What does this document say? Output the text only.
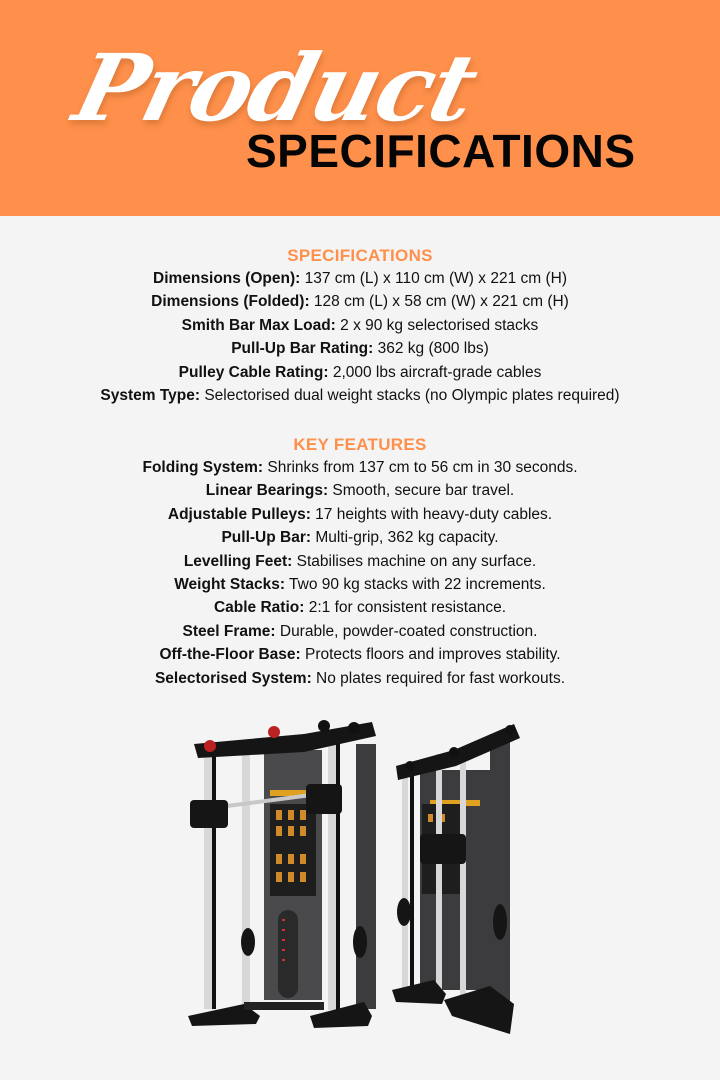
Product
SPECIFICATIONS
SPECIFICATIONS
Dimensions (Open): 137 cm (L) x 110 cm (W) x 221 cm (H)
Dimensions (Folded): 128 cm (L) x 58 cm (W) x 221 cm (H)
Smith Bar Max Load: 2 x 90 kg selectorised stacks
Pull-Up Bar Rating: 362 kg (800 lbs)
Pulley Cable Rating: 2,000 lbs aircraft-grade cables
System Type: Selectorised dual weight stacks (no Olympic plates required)
KEY FEATURES
Folding System: Shrinks from 137 cm to 56 cm in 30 seconds.
Linear Bearings: Smooth, secure bar travel.
Adjustable Pulleys: 17 heights with heavy-duty cables.
Pull-Up Bar: Multi-grip, 362 kg capacity.
Levelling Feet: Stabilises machine on any surface.
Weight Stacks: Two 90 kg stacks with 22 increments.
Cable Ratio: 2:1 for consistent resistance.
Steel Frame: Durable, powder-coated construction.
Off-the-Floor Base: Protects floors and improves stability.
Selectorised System: No plates required for fast workouts.
